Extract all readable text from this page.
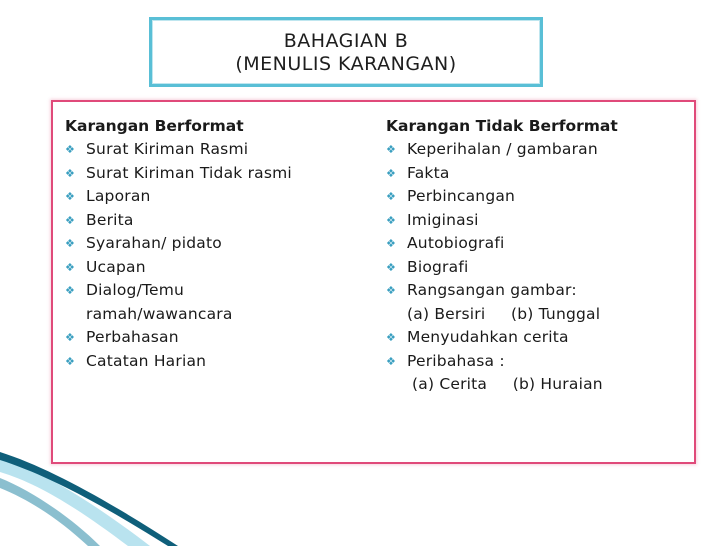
BAHAGIAN B
(MENULIS KARANGAN)
Karangan Berformat
❖ Surat Kiriman Rasmi
❖ Surat Kiriman Tidak rasmi
❖ Laporan
❖ Berita
❖ Syarahan/ pidato
❖ Ucapan
❖ Dialog/Temu ramah/wawancara
❖ Perbahasan
❖ Catatan Harian
Karangan Tidak Berformat
❖ Keperihalan / gambaran
❖ Fakta
❖ Perbincangan
❖ Imiginasi
❖ Autobiografi
❖ Biografi
❖ Rangsangan gambar:
(a) Bersiri     (b) Tunggal
❖ Menyudahkan cerita
❖ Peribahasa :
(a) Cerita     (b) Huraian
